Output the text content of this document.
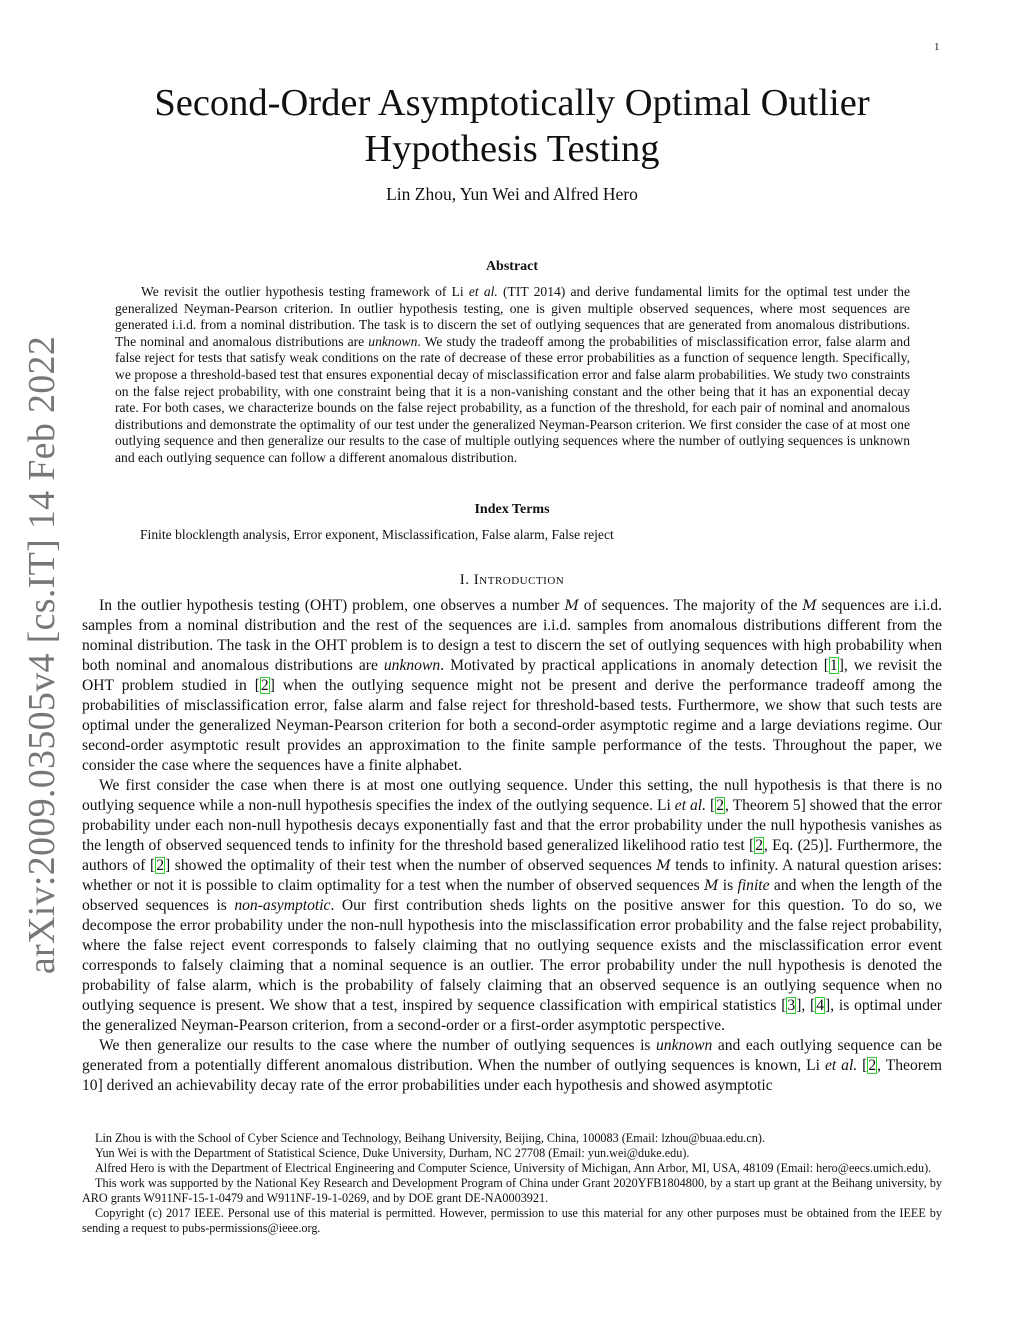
1
arXiv:2009.03505v4 [cs.IT] 14 Feb 2022
Second-Order Asymptotically Optimal Outlier
Hypothesis Testing
Lin Zhou, Yun Wei and Alfred Hero
Abstract

We revisit the outlier hypothesis testing framework of Li et al. (TIT 2014) and derive fundamental limits for the optimal test under the generalized Neyman-Pearson criterion. In outlier hypothesis testing, one is given multiple observed sequences, where most sequences are generated i.i.d. from a nominal distribution. The task is to discern the set of outlying sequences that are generated from anomalous distributions. The nominal and anomalous distributions are unknown. We study the tradeoff among the probabilities of misclassification error, false alarm and false reject for tests that satisfy weak conditions on the rate of decrease of these error probabilities as a function of sequence length. Specifically, we propose a threshold-based test that ensures exponential decay of misclassification error and false alarm probabilities. We study two constraints on the false reject probability, with one constraint being that it is a non-vanishing constant and the other being that it has an exponential decay rate. For both cases, we characterize bounds on the false reject probability, as a function of the threshold, for each pair of nominal and anomalous distributions and demonstrate the optimality of our test under the generalized Neyman-Pearson criterion. We first consider the case of at most one outlying sequence and then generalize our results to the case of multiple outlying sequences where the number of outlying sequences is unknown and each outlying sequence can follow a different anomalous distribution.

Index Terms
Finite blocklength analysis, Error exponent, Misclassification, False alarm, False reject
I. Introduction

In the outlier hypothesis testing (OHT) problem, one observes a number M of sequences. The majority of the M sequences are i.i.d. samples from a nominal distribution and the rest of the sequences are i.i.d. samples from anomalous distributions different from the nominal distribution. The task in the OHT problem is to design a test to discern the set of outlying sequences with high probability when both nominal and anomalous distributions are unknown. Motivated by practical applications in anomaly detection [1], we revisit the OHT problem studied in [2] when the outlying sequence might not be present and derive the performance tradeoff among the probabilities of misclassification error, false alarm and false reject for threshold-based tests. Furthermore, we show that such tests are optimal under the generalized Neyman-Pearson criterion for both a second-order asymptotic regime and a large deviations regime. Our second-order asymptotic result provides an approximation to the finite sample performance of the tests. Throughout the paper, we consider the case where the sequences have a finite alphabet.

We first consider the case when there is at most one outlying sequence. Under this setting, the null hypothesis is that there is no outlying sequence while a non-null hypothesis specifies the index of the outlying sequence. Li et al. [2, Theorem 5] showed that the error probability under each non-null hypothesis decays exponentially fast and that the error probability under the null hypothesis vanishes as the length of observed sequenced tends to infinity for the threshold based generalized likelihood ratio test [2, Eq. (25)]. Furthermore, the authors of [2] showed the optimality of their test when the number of observed sequences M tends to infinity. A natural question arises: whether or not it is possible to claim optimality for a test when the number of observed sequences M is finite and when the length of the observed sequences is non-asymptotic. Our first contribution sheds lights on the positive answer for this question. To do so, we decompose the error probability under the non-null hypothesis into the misclassification error probability and the false reject probability, where the false reject event corresponds to falsely claiming that no outlying sequence exists and the misclassification error event corresponds to falsely claiming that a nominal sequence is an outlier. The error probability under the null hypothesis is denoted the probability of false alarm, which is the probability of falsely claiming that an observed sequence is an outlying sequence when no outlying sequence is present. We show that a test, inspired by sequence classification with empirical statistics [3], [4], is optimal under the generalized Neyman-Pearson criterion, from a second-order or a first-order asymptotic perspective.

We then generalize our results to the case where the number of outlying sequences is unknown and each outlying sequence can be generated from a potentially different anomalous distribution. When the number of outlying sequences is known, Li et al. [2, Theorem 10] derived an achievability decay rate of the error probabilities under each hypothesis and showed asymptotic

Lin Zhou is with the School of Cyber Science and Technology, Beihang University, Beijing, China, 100083 (Email: lzhou@buaa.edu.cn).

Yun Wei is with the Department of Statistical Science, Duke University, Durham, NC 27708 (Email: yun.wei@duke.edu).

Alfred Hero is with the Department of Electrical Engineering and Computer Science, University of Michigan, Ann Arbor, MI, USA, 48109 (Email: hero@eecs.umich.edu).

This work was supported by the National Key Research and Development Program of China under Grant 2020YFB1804800, by a start up grant at the Beihang university, by ARO grants W911NF-15-1-0479 and W911NF-19-1-0269, and by DOE grant DE-NA0003921.

Copyright (c) 2017 IEEE. Personal use of this material is permitted. However, permission to use this material for any other purposes must be obtained from the IEEE by sending a request to pubs-permissions@ieee.org.
